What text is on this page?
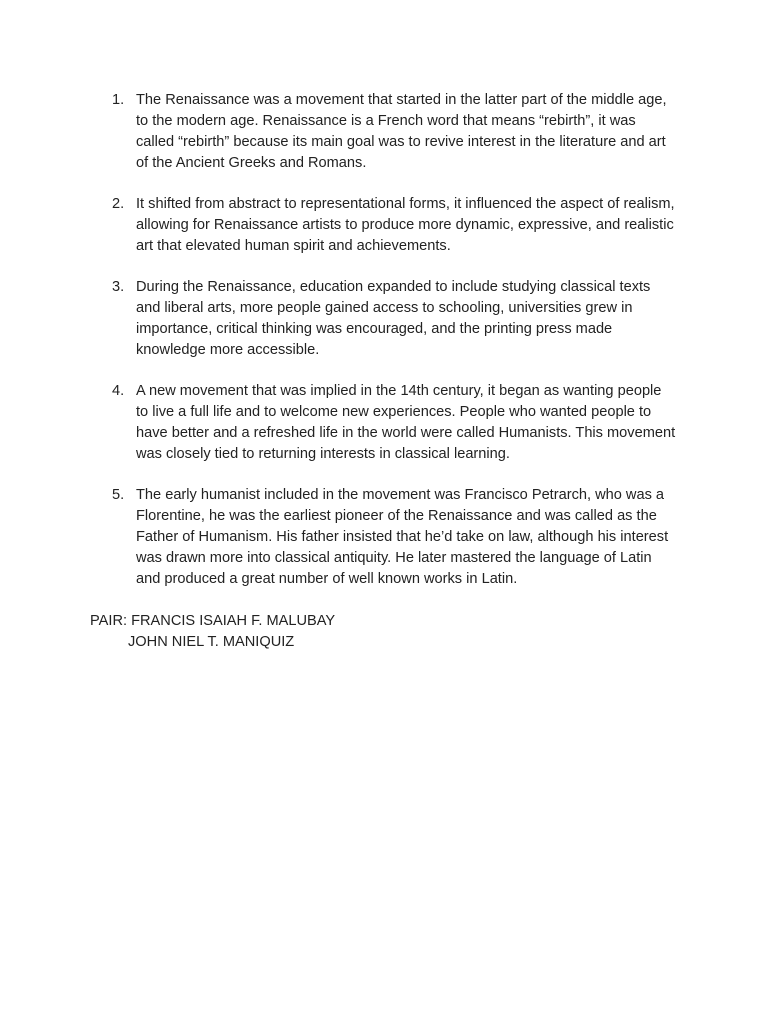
1. The Renaissance was a movement that started in the latter part of the middle age, to the modern age. Renaissance is a French word that means “rebirth”, it was called “rebirth” because its main goal was to revive interest in the literature and art of the Ancient Greeks and Romans.
2. It shifted from abstract to representational forms, it influenced the aspect of realism, allowing for Renaissance artists to produce more dynamic, expressive, and realistic art that elevated human spirit and achievements.
3. During the Renaissance, education expanded to include studying classical texts and liberal arts, more people gained access to schooling, universities grew in importance, critical thinking was encouraged, and the printing press made knowledge more accessible.
4. A new movement that was implied in the 14th century, it began as wanting people to live a full life and to welcome new experiences. People who wanted people to have better and a refreshed life in the world were called Humanists. This movement was closely tied to returning interests in classical learning.
5. The early humanist included in the movement was Francisco Petrarch, who was a Florentine, he was the earliest pioneer of the Renaissance and was called as the Father of Humanism. His father insisted that he’d take on law, although his interest was drawn more into classical antiquity. He later mastered the language of Latin and produced a great number of well known works in Latin.
PAIR: FRANCIS ISAIAH F. MALUBAY
JOHN NIEL T. MANIQUIZ
